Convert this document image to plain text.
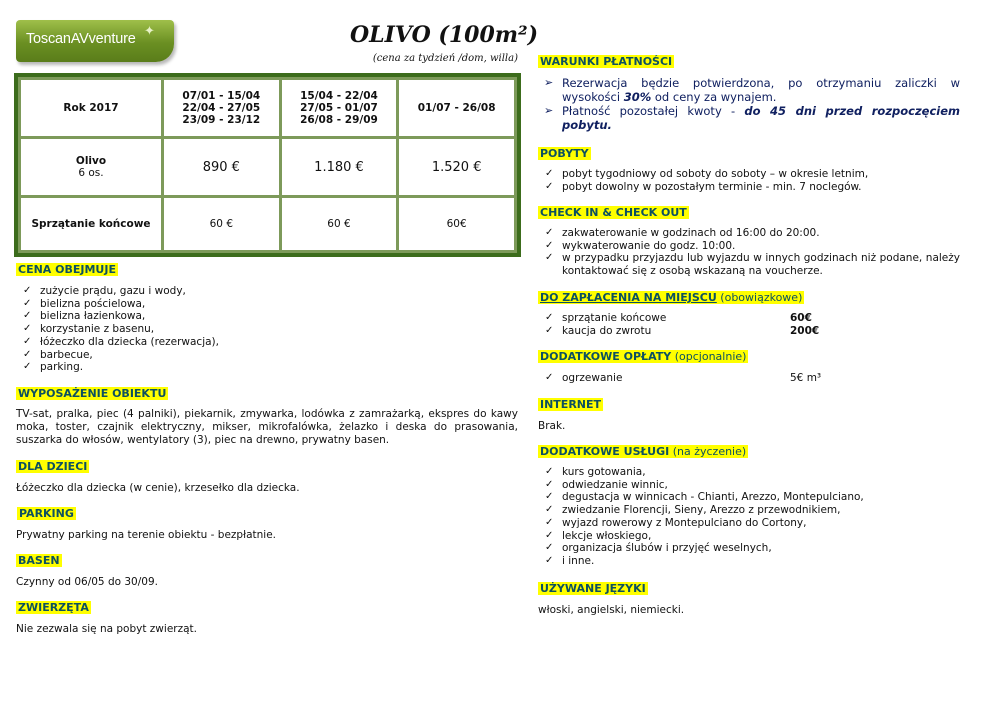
ToscanAVventure ✦	OLIVO (100m²)
(cena za tydzień /dom, willa)
Rok 2017	07/01 - 15/04
22/04 - 27/05
23/09 - 23/12	15/04 - 22/04
27/05 - 01/07
26/08 - 29/09	01/07 - 26/08

Olivo
6 os.	890 €	1.180 €	1.520 €
Sprzątanie końcowe	60 €	60 €	60€
CENA OBEJMUJE
✓ zużycie prądu, gazu i wody,
✓ bielizna pościelowa,
✓ bielizna łazienkowa,
✓ korzystanie z basenu,
✓ łóżeczko dla dziecka (rezerwacja),
✓ barbecue,
✓ parking.
WYPOSAŻENIE OBIEKTU
TV-sat, pralka, piec (4 palniki), piekarnik, zmywarka, lodówka z zamrażarką, ekspres do kawy moka, toster, czajnik elektryczny, mikser, mikrofalówka, żelazko i deska do prasowania, suszarka do włosów, wentylatory (3), piec na drewno, prywatny basen.
DLA DZIECI
Łóżeczko dla dziecka (w cenie), krzesełko dla dziecka.
PARKING
Prywatny parking na terenie obiektu - bezpłatnie.
BASEN
Czynny od 06/05 do 30/09.
ZWIERZĘTA
Nie zezwala się na pobyt zwierząt.
WARUNKI PŁATNOŚCI
➢ Rezerwacja będzie potwierdzona, po otrzymaniu zaliczki w wysokości 30% od ceny za wynajem.
➢ Płatność pozostałej kwoty - do 45 dni przed rozpoczęciem pobytu.
POBYTY
✓ pobyt tygodniowy od soboty do soboty – w okresie letnim,
✓ pobyt dowolny w pozostałym terminie - min. 7 noclegów.
CHECK IN & CHECK OUT
✓ zakwaterowanie w godzinach od 16:00 do 20:00.
✓ wykwaterowanie do godz. 10:00.
✓ w przypadku przyjazdu lub wyjazdu w innych godzinach niż podane, należy kontaktować się z osobą wskazaną na voucherze.
DO ZAPŁACENIA NA MIEJSCU (obowiązkowe)
✓ sprzątanie końcowe	60€
✓ kaucja do zwrotu	200€
DODATKOWE OPŁATY (opcjonalnie)
✓ ogrzewanie	5€ m³
INTERNET
Brak.
DODATKOWE USŁUGI (na życzenie)
✓ kurs gotowania,
✓ odwiedzanie winnic,
✓ degustacja w winnicach - Chianti, Arezzo, Montepulciano,
✓ zwiedzanie Florencji, Sieny, Arezzo z przewodnikiem,
✓ wyjazd rowerowy z Montepulciano do Cortony,
✓ lekcje włoskiego,
✓ organizacja ślubów i przyjęć weselnych,
✓ i inne.
UŻYWANE JĘZYKI
włoski, angielski, niemiecki.
